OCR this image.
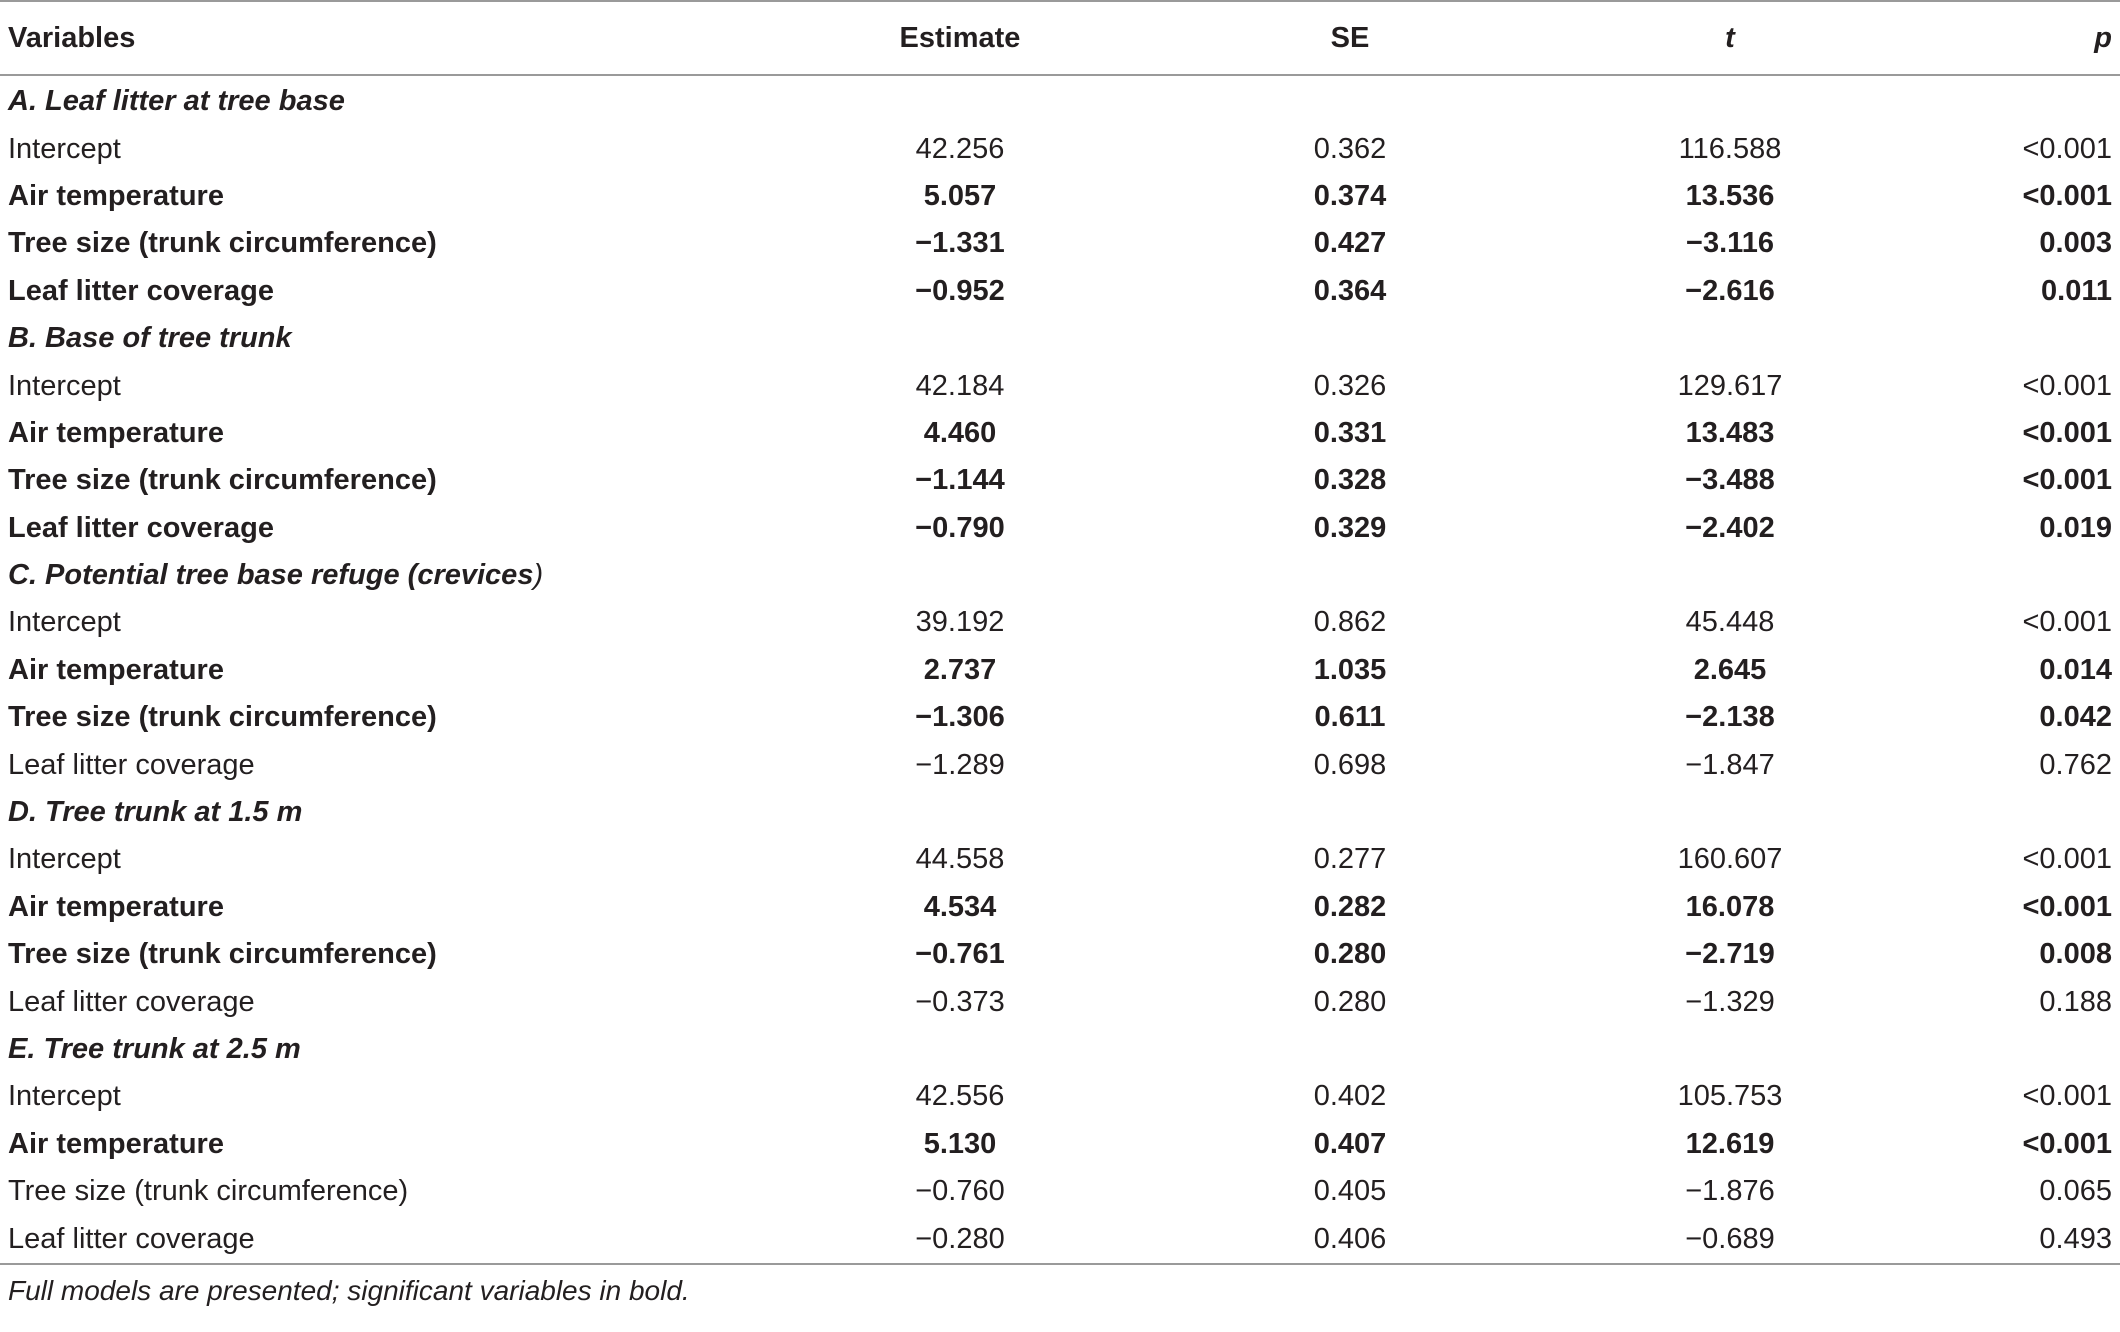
Variables	Estimate	SE	t	p
A. Leaf litter at tree base				
Intercept	42.256	0.362	116.588	<0.001
Air temperature	5.057	0.374	13.536	<0.001
Tree size (trunk circumference)	−1.331	0.427	−3.116	0.003
Leaf litter coverage	−0.952	0.364	−2.616	0.011
B. Base of tree trunk				
Intercept	42.184	0.326	129.617	<0.001
Air temperature	4.460	0.331	13.483	<0.001
Tree size (trunk circumference)	−1.144	0.328	−3.488	<0.001
Leaf litter coverage	−0.790	0.329	−2.402	0.019
C. Potential tree base refuge (crevices)				
Intercept	39.192	0.862	45.448	<0.001
Air temperature	2.737	1.035	2.645	0.014
Tree size (trunk circumference)	−1.306	0.611	−2.138	0.042
Leaf litter coverage	−1.289	0.698	−1.847	0.762
D. Tree trunk at 1.5 m				
Intercept	44.558	0.277	160.607	<0.001
Air temperature	4.534	0.282	16.078	<0.001
Tree size (trunk circumference)	−0.761	0.280	−2.719	0.008
Leaf litter coverage	−0.373	0.280	−1.329	0.188
E. Tree trunk at 2.5 m				
Intercept	42.556	0.402	105.753	<0.001
Air temperature	5.130	0.407	12.619	<0.001
Tree size (trunk circumference)	−0.760	0.405	−1.876	0.065
Leaf litter coverage	−0.280	0.406	−0.689	0.493
Full models are presented; significant variables in bold.
